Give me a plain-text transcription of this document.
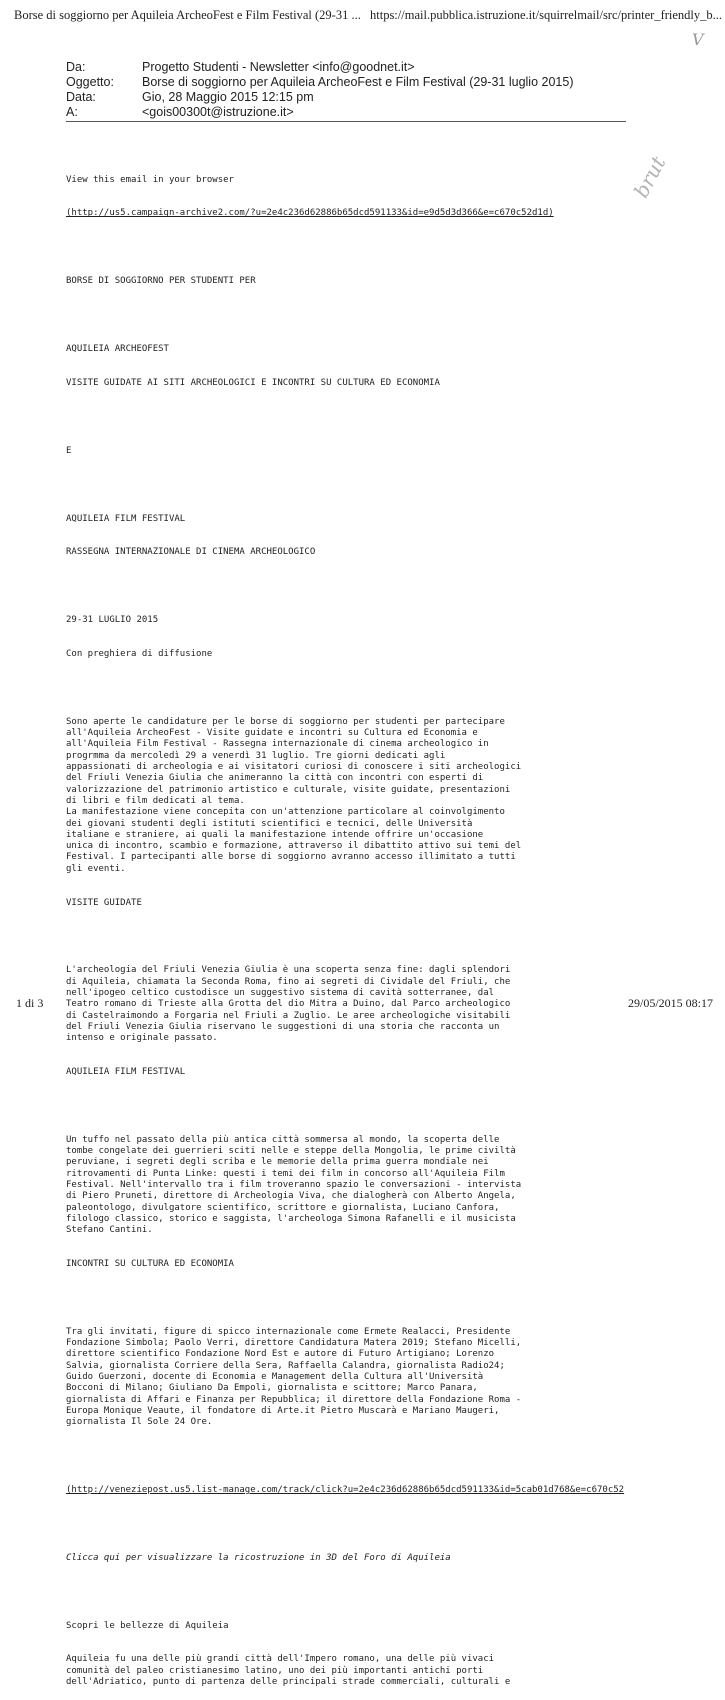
Borse di soggiorno per Aquileia ArcheoFest e Film Festival (29-31 ... https://mail.pubblica.istruzione.it/squirrelmail/src/printer_friendly_b...
V
brut
Da:	Progetto Studenti - Newsletter <info@goodnet.it>
Oggetto:	Borse di soggiorno per Aquileia ArcheoFest e Film Festival (29-31 luglio 2015)
Data:	Gio, 28 Maggio 2015 12:15 pm
A:	<gois00300t@istruzione.it>

View this email in your browser

(http://us5.campaign-archive2.com/?u=2e4c236d62886b65dcd591133&id=e9d5d3d366&e=c670c52d1d)

BORSE DI SOGGIORNO PER STUDENTI PER

AQUILEIA ARCHEOFEST

VISITE GUIDATE AI SITI ARCHEOLOGICI E INCONTRI SU CULTURA ED ECONOMIA

E

AQUILEIA FILM FESTIVAL

RASSEGNA INTERNAZIONALE DI CINEMA ARCHEOLOGICO

29-31 LUGLIO 2015

Con preghiera di diffusione

Sono aperte le candidature per le borse di soggiorno per studenti per partecipare
all'Aquileia ArcheoFest - Visite guidate e incontri su Cultura ed Economia e
all'Aquileia Film Festival - Rassegna internazionale di cinema archeologico in
progrmma da mercoledì 29 a venerdì 31 luglio. Tre giorni dedicati agli
appassionati di archeologia e ai visitatori curiosi di conoscere i siti archeologici
del Friuli Venezia Giulia che animeranno la città con incontri con esperti di
valorizzazione del patrimonio artistico e culturale, visite guidate, presentazioni
di libri e film dedicati al tema.
La manifestazione viene concepita con un'attenzione particolare al coinvolgimento
dei giovani studenti degli istituti scientifici e tecnici, delle Università
italiane e straniere, ai quali la manifestazione intende offrire un'occasione
unica di incontro, scambio e formazione, attraverso il dibattito attivo sui temi del
Festival. I partecipanti alle borse di soggiorno avranno accesso illimitato a tutti
gli eventi.

VISITE GUIDATE

L'archeologia del Friuli Venezia Giulia è una scoperta senza fine: dagli splendori
di Aquileia, chiamata la Seconda Roma, fino ai segreti di Cividale del Friuli, che
nell'ipogeo celtico custodisce un suggestivo sistema di cavità sotterranee, dal
Teatro romano di Trieste alla Grotta del dio Mitra a Duino, dal Parco archeologico
di Castelraimondo a Forgaria nel Friuli a Zuglio. Le aree archeologiche visitabili
del Friuli Venezia Giulia riservano le suggestioni di una storia che racconta un
intenso e originale passato.

AQUILEIA FILM FESTIVAL

Un tuffo nel passato della più antica città sommersa al mondo, la scoperta delle
tombe congelate dei guerrieri sciti nelle e steppe della Mongolia, le prime civiltà
peruviane, i segreti degli scriba e le memorie della prima guerra mondiale nei
ritrovamenti di Punta Linke: questi i temi dei film in concorso all'Aquileia Film
Festival. Nell'intervallo tra i film troveranno spazio le conversazioni - intervista
di Piero Pruneti, direttore di Archeologia Viva, che dialogherà con Alberto Angela,
paleontologo, divulgatore scientifico, scrittore e giornalista, Luciano Canfora,
filologo classico, storico e saggista, l'archeologa Simona Rafanelli e il musicista
Stefano Cantini.

INCONTRI SU CULTURA ED ECONOMIA

Tra gli invitati, figure di spicco internazionale come Ermete Realacci, Presidente
Fondazione Simbola; Paolo Verri, direttore Candidatura Matera 2019; Stefano Micelli,
direttore scientifico Fondazione Nord Est e autore di Futuro Artigiano; Lorenzo
Salvia, giornalista Corriere della Sera, Raffaella Calandra, giornalista Radio24;
Guido Guerzoni, docente di Economia e Management della Cultura all'Università
Bocconi di Milano; Giuliano Da Empoli, giornalista e scittore; Marco Panara,
giornalista di Affari e Finanza per Repubblica; il direttore della Fondazione Roma -
Europa Monique Veaute, il fondatore di Arte.it Pietro Muscarà e Mariano Maugeri,
giornalista Il Sole 24 Ore.

(http://veneziepost.us5.list-manage.com/track/click?u=2e4c236d62886b65dcd591133&id=5cab01d768&e=c670c52

Clicca qui per visualizzare la ricostruzione in 3D del Foro di Aquileia

Scopri le bellezze di Aquileia

Aquileia fu una delle più grandi città dell'Impero romano, una delle più vivaci
comunità del paleo cristianesimo latino, uno dei più importanti antichi porti
dell'Adriatico, punto di partenza delle principali strade commerciali, culturali e

1 di 3	29/05/2015 08:17
